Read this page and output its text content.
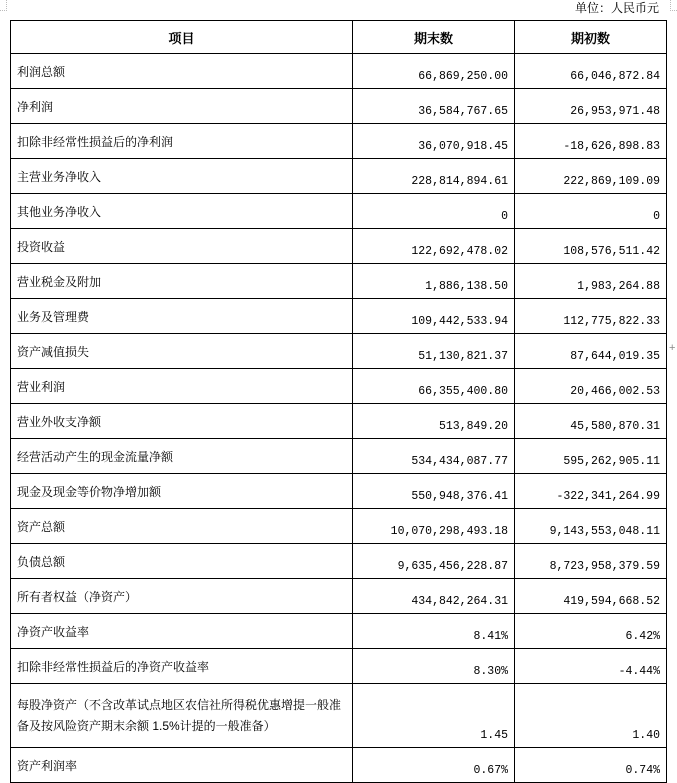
+
单位：人民币元
项目	期末数	期初数
利润总额	66,869,250.00	66,046,872.84
净利润	36,584,767.65	26,953,971.48
扣除非经常性损益后的净利润	36,070,918.45	-18,626,898.83
主营业务净收入	228,814,894.61	222,869,109.09
其他业务净收入	0	0
投资收益	122,692,478.02	108,576,511.42
营业税金及附加	1,886,138.50	1,983,264.88
业务及管理费	109,442,533.94	112,775,822.33
资产减值损失	51,130,821.37	87,644,019.35
营业利润	66,355,400.80	20,466,002.53
营业外收支净额	513,849.20	45,580,870.31
经营活动产生的现金流量净额	534,434,087.77	595,262,905.11
现金及现金等价物净增加额	550,948,376.41	-322,341,264.99
资产总额	10,070,298,493.18	9,143,553,048.11
负债总额	9,635,456,228.87	8,723,958,379.59
所有者权益（净资产）	434,842,264.31	419,594,668.52
净资产收益率	8.41%	6.42%
扣除非经常性损益后的净资产收益率	8.30%	-4.44%
每股净资产（不含改革试点地区农信社所得税优惠增提一般准备及按风险资产期末余额 1.5%计提的一般准备）	1.45	1.40
资产利润率	0.67%	0.74%
